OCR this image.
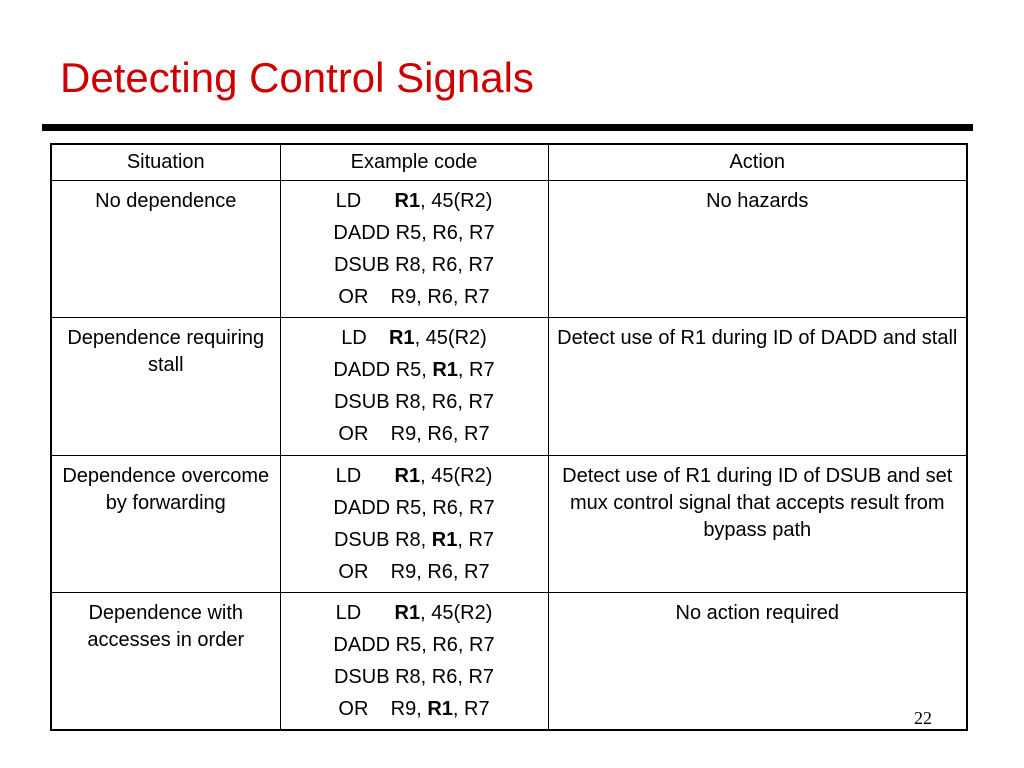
Detecting Control Signals
Situation	Example code	Action
No dependence	LD      R1, 45(R2)
DADD R5, R6, R7
DSUB R8, R6, R7
OR    R9, R6, R7	No hazards
Dependence requiring stall	LD    R1, 45(R2)
DADD R5, R1, R7
DSUB R8, R6, R7
OR    R9, R6, R7	Detect use of R1 during ID of DADD and stall
Dependence overcome by forwarding	LD      R1, 45(R2)
DADD R5, R6, R7
DSUB R8, R1, R7
OR    R9, R6, R7	Detect use of R1 during ID of DSUB and set mux control signal that accepts result from bypass path
Dependence with accesses in order	LD      R1, 45(R2)
DADD R5, R6, R7
DSUB R8, R6, R7
OR    R9, R1, R7	No action required
22
